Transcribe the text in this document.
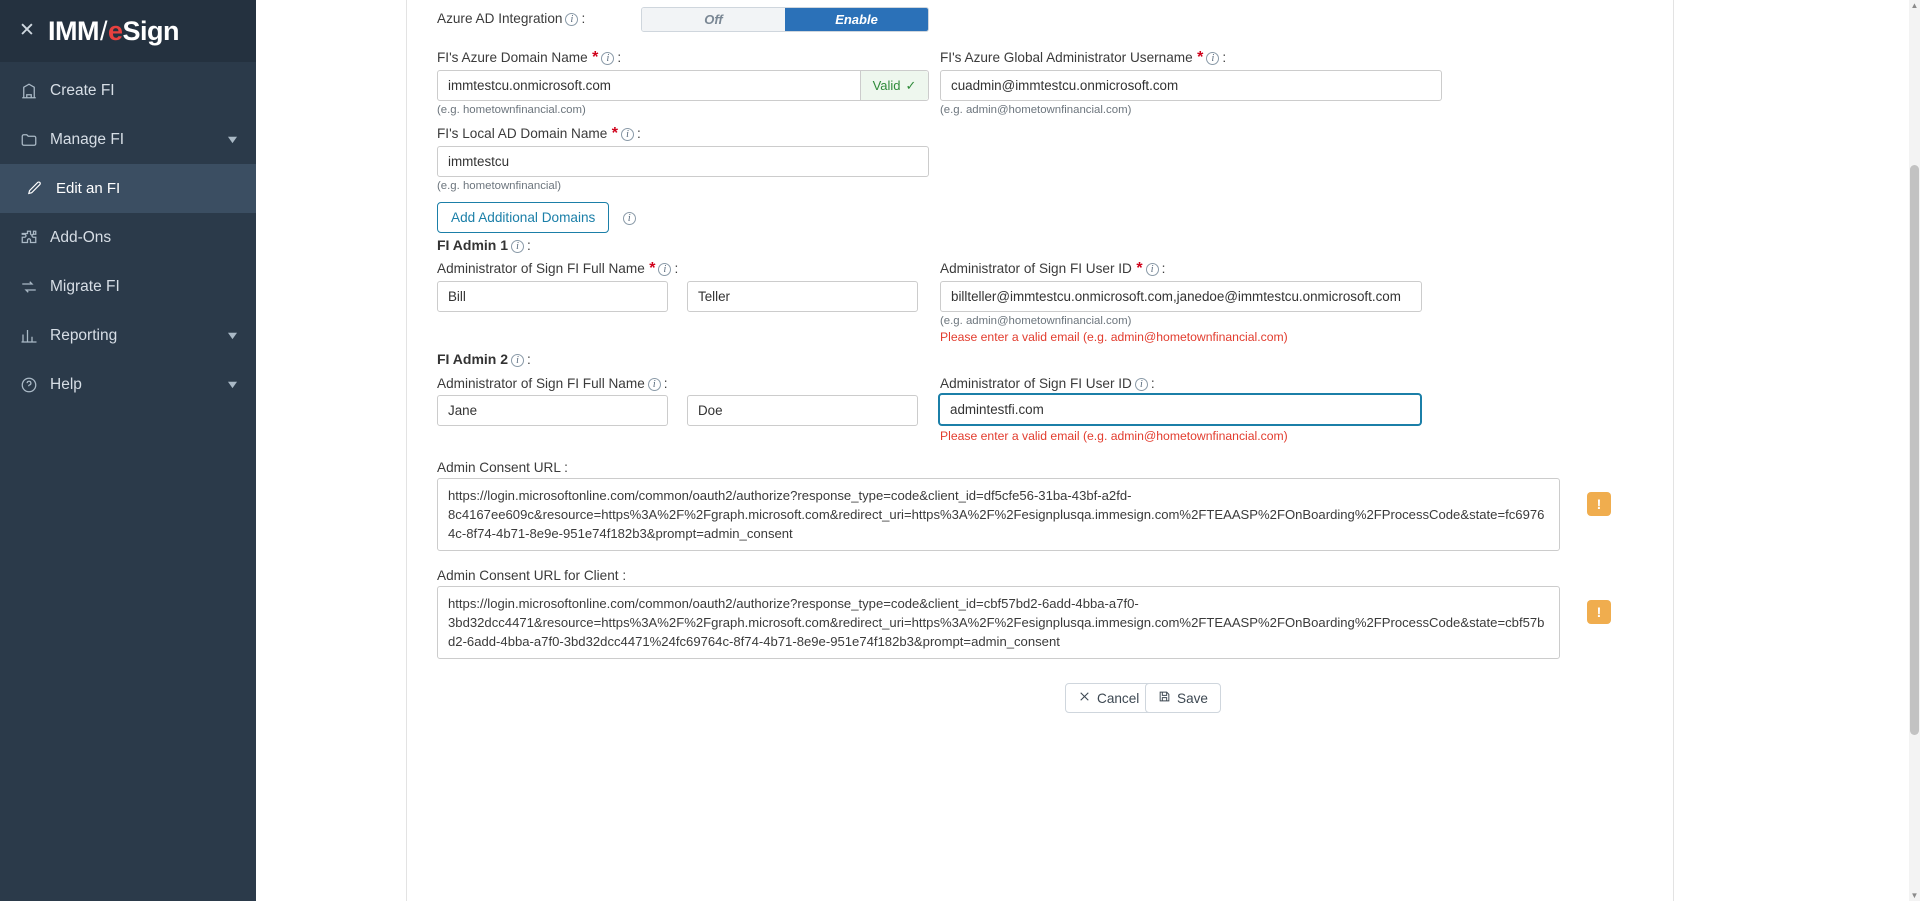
✕ IMM / e Sign
Create FI
Manage FI	▼
Edit an FI
Add-Ons
Migrate FI
Reporting	▼
Help	▼
Azure AD Integration i :	Off	Enable
FI's Azure Domain Name * i :
immtestcu.onmicrosoft.com
Valid ✓
(e.g. hometownfinancial.com)
FI's Azure Global Administrator Username * i :
cuadmin@immtestcu.onmicrosoft.com
(e.g. admin@hometownfinancial.com)
FI's Local AD Domain Name * i :
immtestcu
(e.g. hometownfinancial)
Add Additional Domains	i
FI Admin 1 i :
Administrator of Sign FI Full Name * i :
Bill
Teller	Administrator of Sign FI User ID * i :
billteller@immtestcu.onmicrosoft.com,janedoe@immtestcu.onmicrosoft.com
(e.g. admin@hometownfinancial.com)
Please enter a valid email (e.g. admin@hometownfinancial.com)
FI Admin 2 i :
Administrator of Sign FI Full Name i :
Jane
Doe	Administrator of Sign FI User ID i :
admintestfi.com
Please enter a valid email (e.g. admin@hometownfinancial.com)
Admin Consent URL :
https://login.microsoftonline.com/common/oauth2/authorize?response_type=code&client_id=df5cfe56-31ba-43bf-a2fd-8c4167ee609c&resource=https%3A%2F%2Fgraph.microsoft.com&redirect_uri=https%3A%2F%2Fesignplusqa.immesign.com%2FTEAASP%2FOnBoarding%2FProcessCode&state=fc69764c-8f74-4b71-8e9e-951e74f182b3&prompt=admin_consent
!
Admin Consent URL for Client :
https://login.microsoftonline.com/common/oauth2/authorize?response_type=code&client_id=cbf57bd2-6add-4bba-a7f0-3bd32dcc4471&resource=https%3A%2F%2Fgraph.microsoft.com&redirect_uri=https%3A%2F%2Fesignplusqa.immesign.com%2FTEAASP%2FOnBoarding%2FProcessCode&state=cbf57bd2-6add-4bba-a7f0-3bd32dcc4471%24fc69764c-8f74-4b71-8e9e-951e74f182b3&prompt=admin_consent
!
Cancel	Save
▲
▼
